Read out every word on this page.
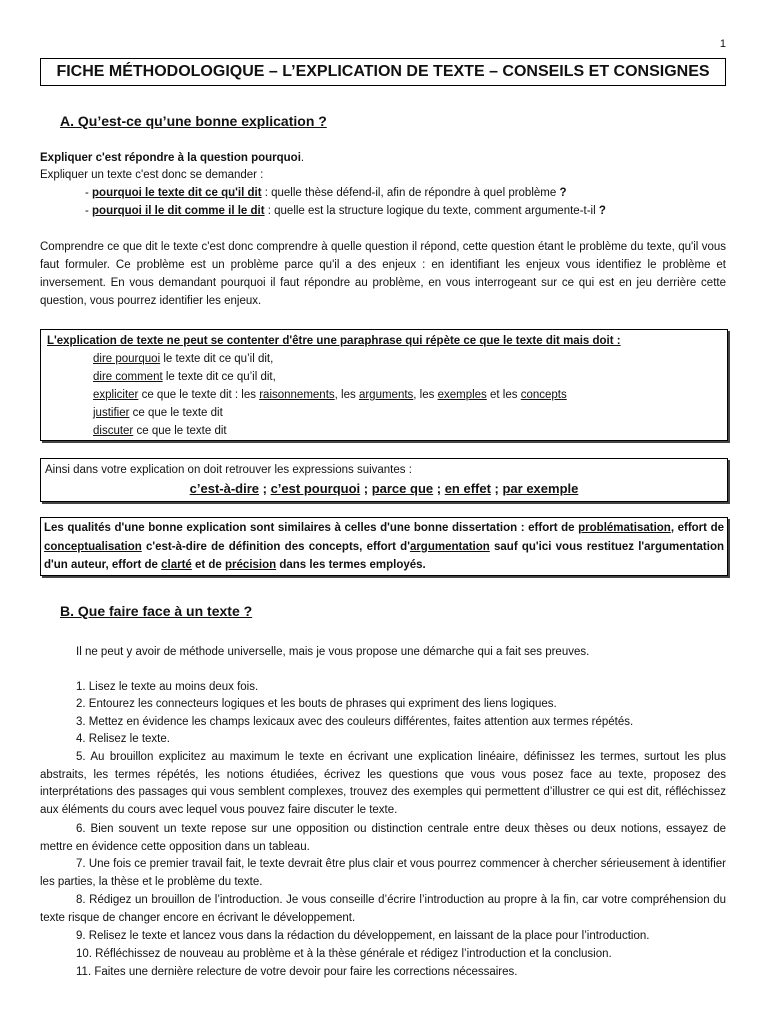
1
FICHE MÉTHODOLOGIQUE – L’EXPLICATION DE TEXTE – CONSEILS ET CONSIGNES
A. Qu’est-ce qu’une bonne explication ?
Expliquer c'est répondre à la question pourquoi.
Expliquer un texte c'est donc se demander :
- pourquoi le texte dit ce qu'il dit : quelle thèse défend-il, afin de répondre à quel problème ?
- pourquoi il le dit comme il le dit : quelle est la structure logique du texte, comment argumente-t-il ?
Comprendre ce que dit le texte c'est donc comprendre à quelle question il répond, cette question étant le problème du texte, qu'il vous faut formuler. Ce problème est un problème parce qu'il a des enjeux : en identifiant les enjeux vous identifiez le problème et inversement. En vous demandant pourquoi il faut répondre au problème, en vous interrogeant sur ce qui est en jeu derrière cette question, vous pourrez identifier les enjeux.
L'explication de texte ne peut se contenter d'être une paraphrase qui répète ce que le texte dit mais doit :
dire pourquoi le texte dit ce qu’il dit,
dire comment le texte dit ce qu’il dit,
expliciter ce que le texte dit : les raisonnements, les arguments, les exemples et les concepts
justifier ce que le texte dit
discuter ce que le texte dit
Ainsi dans votre explication on doit retrouver les expressions suivantes :
c’est-à-dire ; c’est pourquoi ; parce que ; en effet ; par exemple
Les qualités d'une bonne explication sont similaires à celles d'une bonne dissertation : effort de problématisation, effort de conceptualisation c'est-à-dire de définition des concepts, effort d'argumentation sauf qu'ici vous restituez l'argumentation d'un auteur, effort de clarté et de précision dans les termes employés.
B. Que faire face à un texte ?
Il ne peut y avoir de méthode universelle, mais je vous propose une démarche qui a fait ses preuves.
1. Lisez le texte au moins deux fois.
2. Entourez les connecteurs logiques et les bouts de phrases qui expriment des liens logiques.
3. Mettez en évidence les champs lexicaux avec des couleurs différentes, faites attention aux termes répétés.
4. Relisez le texte.
5. Au brouillon explicitez au maximum le texte en écrivant une explication linéaire, définissez les termes, surtout les plus abstraits, les termes répétés, les notions étudiées, écrivez les questions que vous vous posez face au texte, proposez des interprétations des passages qui vous semblent complexes, trouvez des exemples qui permettent d’illustrer ce qui est dit, réfléchissez aux éléments du cours avec lequel vous pouvez faire discuter le texte.
6. Bien souvent un texte repose sur une opposition ou distinction centrale entre deux thèses ou deux notions, essayez de mettre en évidence cette opposition dans un tableau.
7. Une fois ce premier travail fait, le texte devrait être plus clair et vous pourrez commencer à chercher sérieusement à identifier les parties, la thèse et le problème du texte.
8. Rédigez un brouillon de l’introduction. Je vous conseille d’écrire l’introduction au propre à la fin, car votre compréhension du texte risque de changer encore en écrivant le développement.
9. Relisez le texte et lancez vous dans la rédaction du développement, en laissant de la place pour l’introduction.
10. Réfléchissez de nouveau au problème et à la thèse générale et rédigez l’introduction et la conclusion.
11. Faites une dernière relecture de votre devoir pour faire les corrections nécessaires.
